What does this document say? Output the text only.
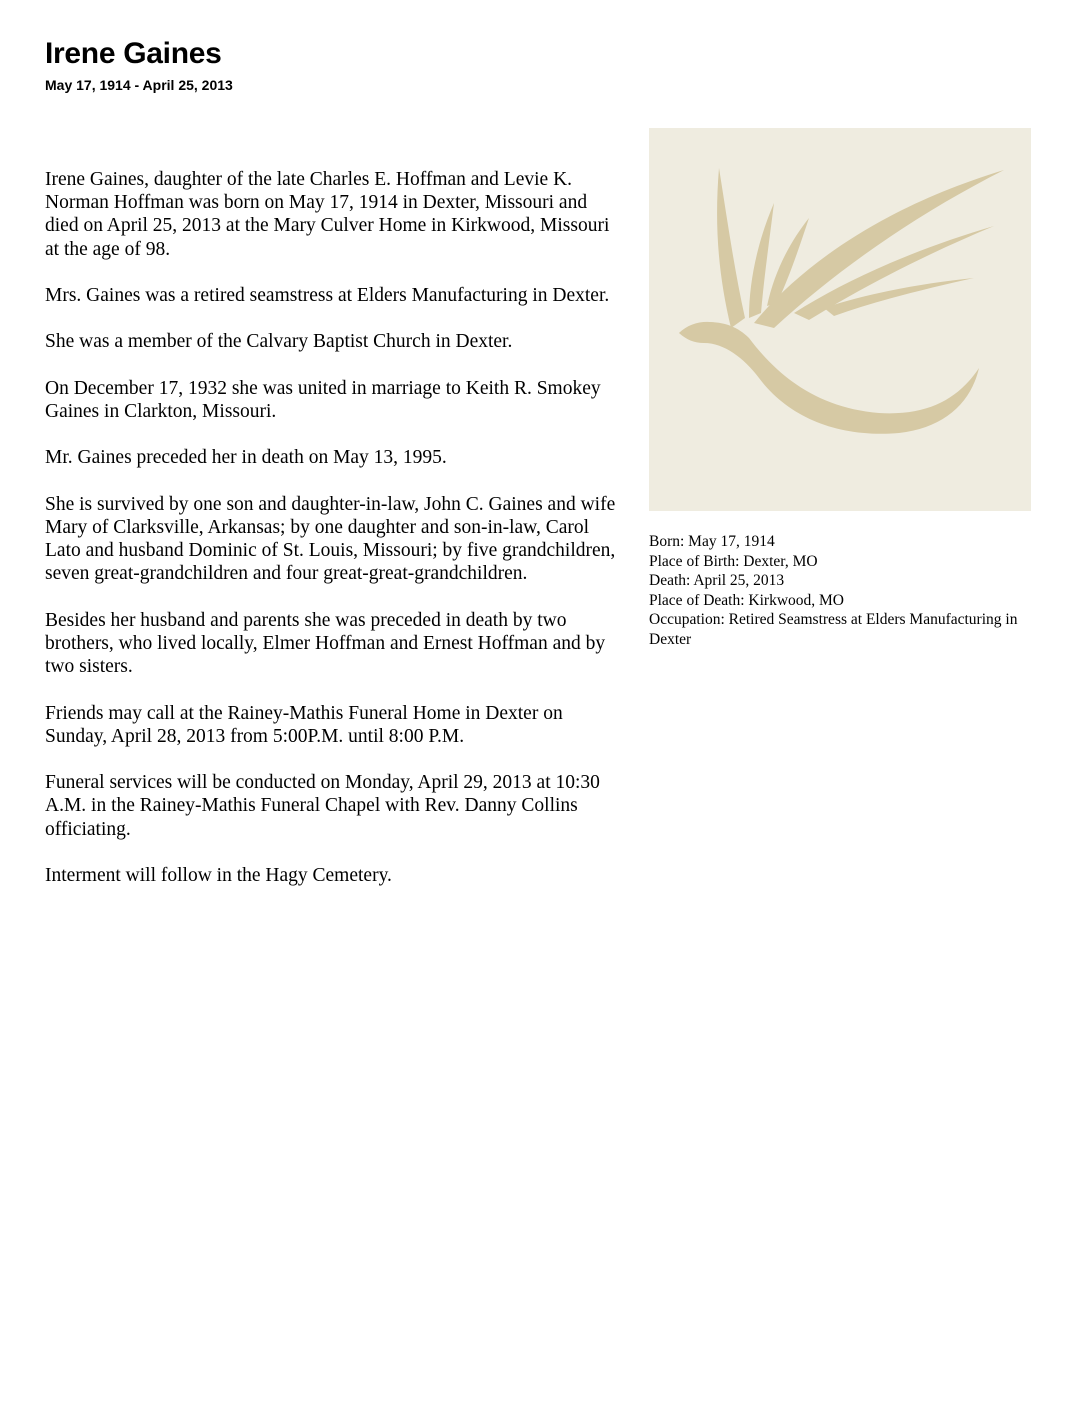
Irene Gaines
May 17, 1914 - April 25, 2013

Irene Gaines, daughter of the late Charles E. Hoffman and Levie K. Norman Hoffman was born on May 17, 1914 in Dexter, Missouri and died on April 25, 2013 at the Mary Culver Home in Kirkwood, Missouri at the age of 98.

Mrs. Gaines was a retired seamstress at Elders Manufacturing in Dexter.

She was a member of the Calvary Baptist Church in Dexter.

On December 17, 1932 she was united in marriage to Keith R. Smokey Gaines in Clarkton, Missouri.

Mr. Gaines preceded her in death on May 13, 1995.

She is survived by one son and daughter-in-law, John C. Gaines and wife Mary of Clarksville, Arkansas; by one daughter and son-in-law, Carol Lato and husband Dominic of St. Louis, Missouri; by five grandchildren, seven great-grandchildren and four great-great-grandchildren.

Besides her husband and parents she was preceded in death by two brothers, who lived locally, Elmer Hoffman and Ernest Hoffman and by two sisters.

Friends may call at the Rainey-Mathis Funeral Home in Dexter on Sunday, April 28, 2013 from 5:00P.M. until 8:00 P.M.

Funeral services will be conducted on Monday, April 29, 2013 at 10:30 A.M. in the Rainey-Mathis Funeral Chapel with Rev. Danny Collins officiating.

Interment will follow in the Hagy Cemetery.

Born: May 17, 1914
Place of Birth: Dexter, MO
Death: April 25, 2013
Place of Death: Kirkwood, MO
Occupation: Retired Seamstress at Elders Manufacturing in Dexter
